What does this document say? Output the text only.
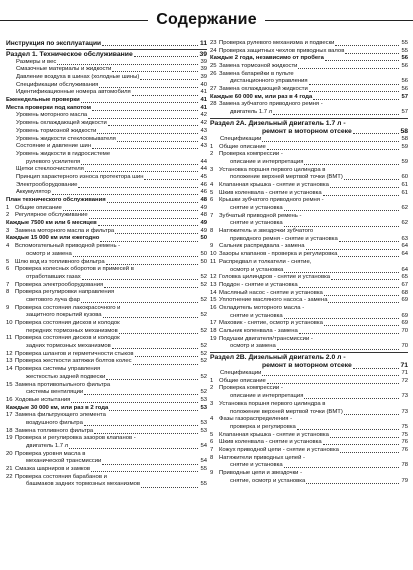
Содержание
Инструкция по эксплуатации	11
Раздел 1. Техническое обслуживание	39
Размеры и вес	39
Смазочные материалы и жидкости	39
Давление воздуха в шинах (холодные шины)	39
Спецификации обслуживания	40
Идентификационные номера автомобиля	41
Еженедельные проверки	41
Места проверки под капотом	41
Уровень моторного масла	42
Уровень охлаждающей жидкости	42
Уровень тормозной жидкости	43
Уровень жидкости стеклоомывателя	43
Состояние и давление шин	43
Уровень жидкости в гидросистеме
рулевого усилителя	44
Щетки стеклоочистителя	44
Принцип характерного износа протектора шин	45
Электрооборудование	46
Аккумулятор	46
План технического обслуживания	48
1 Общие описание	49
2 Регулярное обслуживание	48
Каждые 7500 км или 6 месяцев	49
3 Замена моторного масла и фильтра	49
Каждые 15 000 км или ежегодно	50
4 Вспомогательный приводной ремень -
осмотр и замена	50
5 Шлю вод из топливного фильтра	50
6 Проверка колесных оборотов и примесей в
отработавших газах	52
7 Проверка электрооборудования	52
8 Проверка регулировки направления
светового луча фар	52
9 Проверка состояния лакокрасочного и
защитного покрытий кузова	52
10 Проверка состояния дисков и колодок
передних тормозных механизмов	52
11 Проверка состояния дисков и колодок
задних тормозных механизмов	52
12 Проверка шлангов и герметичности стыков	52
13 Проверка жесткости затяжки болтов колес	52
14 Проверка системы управления
жесткостью задней подвески	52
15 Замена противопыльного фильтра
системы вентиляции	52
16 Ходовые испытания	53
Каждые 30 000 км, или раз в 2 года	53
17 Замена фильтрующего элемента
воздушного фильтра	53
18 Замена топливного фильтра	53
19 Проверка и регулировка зазоров клапанов -
двигатель 1.7 л	54
20 Проверка уровня масла в
механической трансмиссии	54
21 Смазка шарниров и замков	55
22 Проверка состояния барабанов и
башмаков задних тормозных механизмов	55
23 Проверка рулевого механизма и подвески	55
24 Проверка защитных чехлов приводных валов	55
Каждые 2 года, независимо от пробега	56
25 Замена тормозной жидкости	56
26 Замена батарейки в пульте
дистанционного управления	56
27 Замена охлаждающей жидкости	56
Каждые 60 000 км, или раз в 4 года	57
28 Замена зубчатого приводного ремня -
двигатель 1.7 л	57
Раздел 2А. Дизельный двигатель 1.7 л -
ремонт в моторном отсеке	58
Спецификации	58
1 Общие описание	59
2 Проверка компрессии -
описание и интерпретация	59
3 Установка поршня первого цилиндра в
положение верхней мертвой точки (ВМТ)	60
4 Клапанная крышка - снятие и установка	61
5 Шкив коленвала - снятие и установка	61
6 Крышки зубчатого приводного ремня -
снятие и установка	62
7 Зубчатый приводной ремень -
снятие и установка	62
8 Натяжитель и звездочки зубчатого
приводного ремня - снятие и установка	63
9 Сальник распредвала - замена	64
10 Зазоры клапанов - проверка и регулировка	64
11 Распредвал и толкатели - снятие,
осмотр и установка	64
12 Головка цилиндров - снятие и установка	65
13 Поддон - снятие и установка	67
14 Масляный насос - снятие и установка	68
15 Уплотнение масляного насоса - замена	69
16 Охладитель моторного масла -
снятие и установка	69
17 Маховик - снятие, осмотр и установка	69
18 Сальник коленвала - замена	70
19 Подушки двигателя/трансмиссии -
осмотр и замена	70
Раздел 2В. Дизельный двигатель 2.0 л -
ремонт в моторном отсеке	71
Спецификации	71
1 Общие описание	72
2 Проверка компрессии -
описание и интерпретация	73
3 Установка поршня первого цилиндра в
положение верхней мертвой точки (ВМТ)	73
4 Фазы газораспределения -
проверка и регулировка	75
5 Клапанная крышка - снятие и установка	75
6 Шкив коленвала - снятие и установка	76
7 Кожух приводной цепи - снятие и установка	76
8 Натяжители приводных цепей -
снятие и установка	78
9 Приводные цепи и звездочки -
снятие, осмотр и установка	79
